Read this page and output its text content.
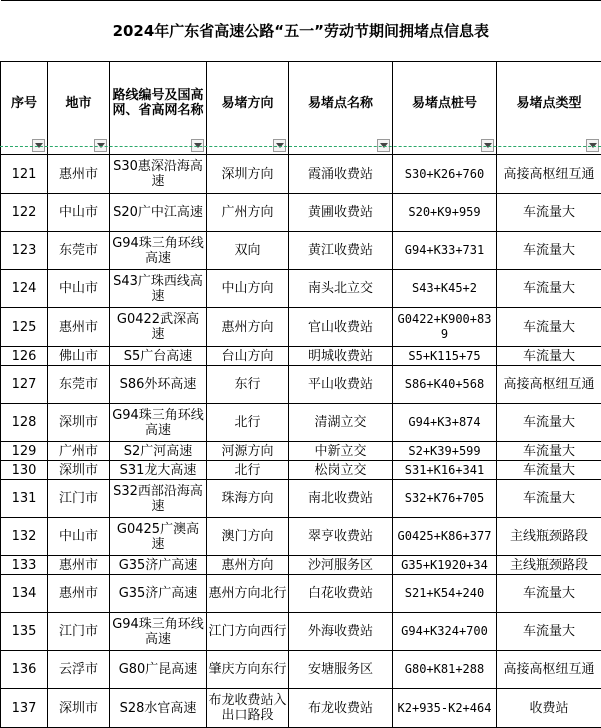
2024年广东省高速公路“五一”劳动节期间拥堵点信息表						
序号	地市	路线编号及国高网、省高网名称	易堵方向	易堵点名称	易堵点桩号	易堵点类型

121	惠州市	S30惠深沿海高速	深圳方向	霞涌收费站	S30+K26+760	高接高枢纽互通
122	中山市	S20广中江高速	广州方向	黄圃收费站	S20+K9+959	车流量大
123	东莞市	G94珠三角环线高速	双向	黄江收费站	G94+K33+731	车流量大
124	中山市	S43广珠西线高速	中山方向	南头北立交	S43+K45+2	车流量大
125	惠州市	G0422武深高速	惠州方向	官山收费站	G0422+K900+839	车流量大
126	佛山市	S5广台高速	台山方向	明城收费站	S5+K115+75	车流量大
127	东莞市	S86外环高速	东行	平山收费站	S86+K40+568	高接高枢纽互通
128	深圳市	G94珠三角环线高速	北行	清湖立交	G94+K3+874	车流量大
129	广州市	S2广河高速	河源方向	中新立交	S2+K39+599	车流量大
130	深圳市	S31龙大高速	北行	松岗立交	S31+K16+341	车流量大
131	江门市	S32西部沿海高速	珠海方向	南北收费站	S32+K76+705	车流量大
132	中山市	G0425广澳高速	澳门方向	翠亨收费站	G0425+K86+377	主线瓶颈路段
133	惠州市	G35济广高速	惠州方向	沙河服务区	G35+K1920+34	主线瓶颈路段
134	惠州市	G35济广高速	惠州方向北行	白花收费站	S21+K54+240	车流量大
135	江门市	G94珠三角环线高速	江门方向西行	外海收费站	G94+K324+700	车流量大
136	云浮市	G80广昆高速	肇庆方向东行	安塘服务区	G80+K81+288	高接高枢纽互通
137	深圳市	S28水官高速	布龙收费站入出口路段	布龙收费站	K2+935-K2+464	收费站
